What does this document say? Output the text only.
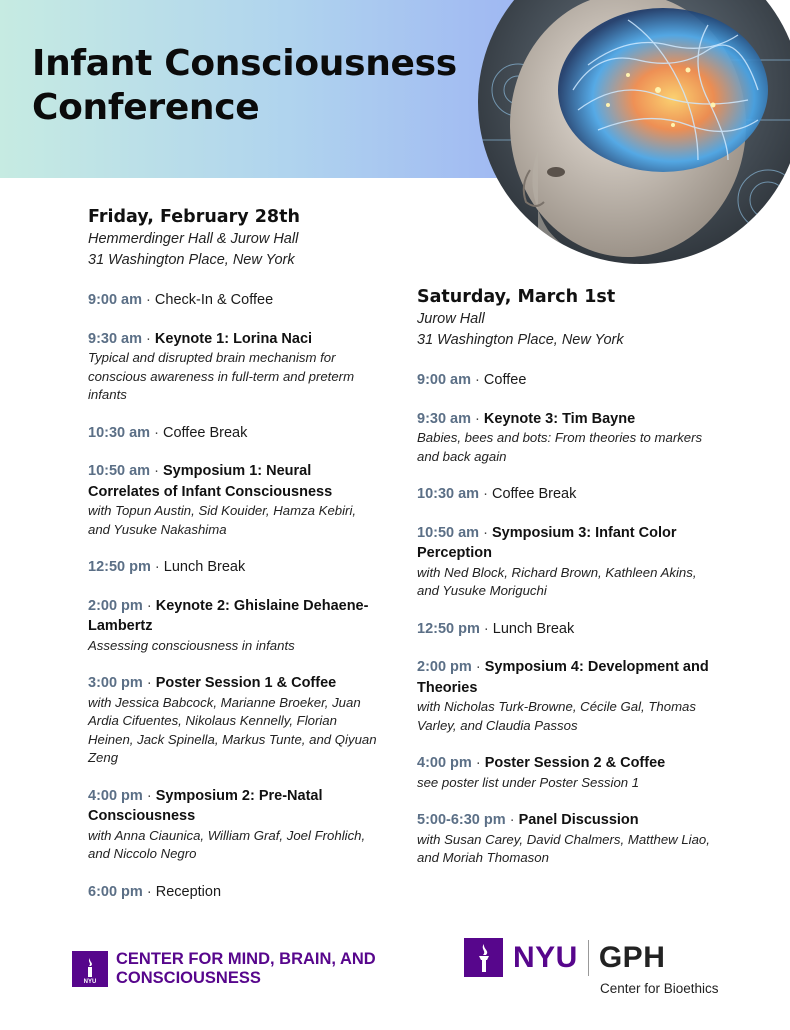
Infant Consciousness
Conference
Friday, February 28th
Hemmerdinger Hall & Jurow Hall
31 Washington Place, New York
9:00 am · Check-In & Coffee
9:30 am · Keynote 1: Lorina Naci
Typical and disrupted brain mechanism for conscious awareness in full-term and preterm infants
10:30 am · Coffee Break
10:50 am · Symposium 1: Neural Correlates of Infant Consciousness
with Topun Austin, Sid Kouider, Hamza Kebiri, and Yusuke Nakashima
12:50 pm · Lunch Break
2:00 pm · Keynote 2: Ghislaine Dehaene-Lambertz
Assessing consciousness in infants
3:00 pm · Poster Session 1 & Coffee
with Jessica Babcock, Marianne Broeker, Juan Ardia Cifuentes, Nikolaus Kennelly, Florian Heinen, Jack Spinella, Markus Tunte, and Qiyuan Zeng
4:00 pm · Symposium 2: Pre-Natal Consciousness
with Anna Ciaunica, William Graf, Joel Frohlich, and Niccolo Negro
6:00 pm · Reception
Saturday, March 1st
Jurow Hall
31 Washington Place, New York
9:00 am · Coffee
9:30 am · Keynote 3: Tim Bayne
Babies, bees and bots: From theories to markers and back again
10:30 am · Coffee Break
10:50 am · Symposium 3: Infant Color Perception
with Ned Block, Richard Brown, Kathleen Akins, and Yusuke Moriguchi
12:50 pm · Lunch Break
2:00 pm · Symposium 4: Development and Theories
with Nicholas Turk-Browne, Cécile Gal, Thomas Varley, and Claudia Passos
4:00 pm · Poster Session 2 & Coffee
see poster list under Poster Session 1
5:00-6:30 pm · Panel Discussion
with Susan Carey, David Chalmers, Matthew Liao, and Moriah Thomason
NYU
CENTER FOR MIND, BRAIN, AND
CONSCIOUSNESS
NYU GPH
Center for Bioethics
